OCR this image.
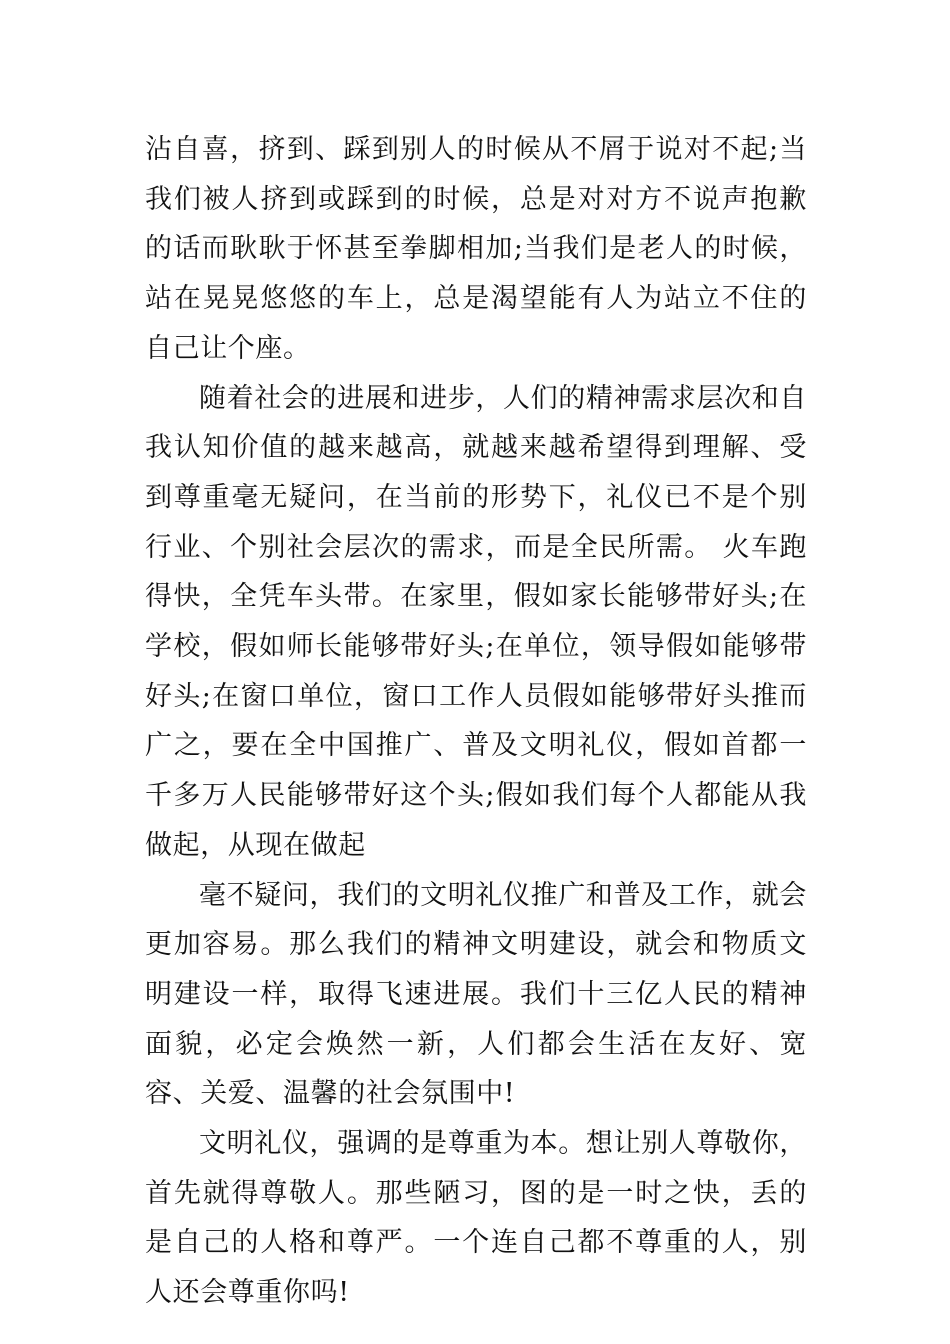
沾自喜，挤到、踩到别人的时候从不屑于说对不起;当我们被人挤到或踩到的时候，总是对对方不说声抱歉的话而耿耿于怀甚至拳脚相加;当我们是老人的时候，站在晃晃悠悠的车上，总是渴望能有人为站立不住的自己让个座。

随着社会的进展和进步，人们的精神需求层次和自我认知价值的越来越高，就越来越希望得到理解、受到尊重毫无疑问，在当前的形势下，礼仪已不是个别行业、个别社会层次的需求，而是全民所需。 火车跑得快，全凭车头带。在家里，假如家长能够带好头;在学校，假如师长能够带好头;在单位，领导假如能够带好头;在窗口单位，窗口工作人员假如能够带好头推而广之，要在全中国推广、普及文明礼仪，假如首都一千多万人民能够带好这个头;假如我们每个人都能从我做起，从现在做起

毫不疑问，我们的文明礼仪推广和普及工作，就会更加容易。那么我们的精神文明建设，就会和物质文明建设一样，取得飞速进展。我们十三亿人民的精神面貌，必定会焕然一新，人们都会生活在友好、宽容、关爱、温馨的社会氛围中!

文明礼仪，强调的是尊重为本。想让别人尊敬你，首先就得尊敬人。那些陋习，图的是一时之快，丢的是自己的人格和尊严。一个连自己都不尊重的人，别人还会尊重你吗!
